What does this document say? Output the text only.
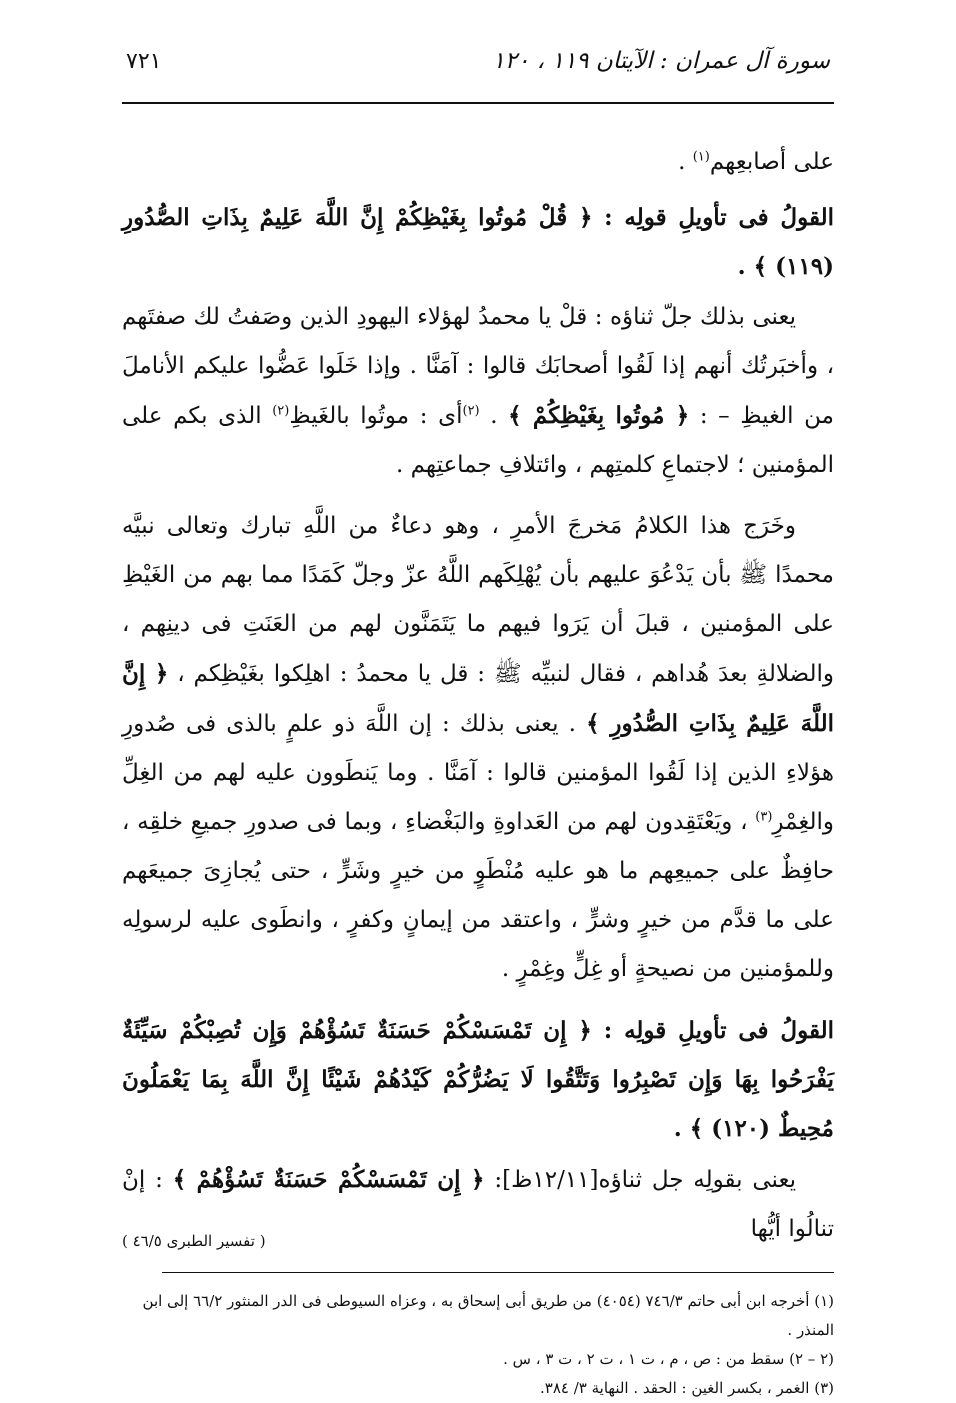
سورة آل عمران : الآيتان ١١٩ ، ١٢٠
٧٢١

على أصابعِهم$^{(١)}$ .

القولُ فى تأويلِ قولِه : ﴿ قُلْ مُوتُوا بِغَيْظِكُمْ إِنَّ اللَّهَ عَلِيمٌ بِذَاتِ الصُّدُورِ (١١٩) ﴾ .

يعنى بذلك جلّ ثناؤه : قلْ يا محمدُ لهؤلاء اليهودِ الذين وصَفتُ لك صفتَهم ، وأخبَرتُك أنهم إذا لَقُوا أصحابَك قالوا : آمَنَّا . وإذا خَلَوا عَضُّوا عليكم الأناملَ من الغيظِ – : ﴿ مُوتُوا بِغَيْظِكُمْ ﴾ . $^{(٢)}$أى : موتُوا بالغَيظِ$^{(٢)}$ الذى بكم على المؤمنين ؛ لاجتماعِ كلمتِهم ، وائتلافِ جماعتِهم .

وخَرَج هذا الكلامُ مَخرجَ الأمرِ ، وهو دعاءٌ من اللَّهِ تبارك وتعالى نبيَّه محمدًا ﷺ بأن يَدْعُوَ عليهم بأن يُهْلِكَهم اللَّهُ عزّ وجلّ كَمَدًا مما بهم من الغَيْظِ على المؤمنين ، قبلَ أن يَرَوا فيهم ما يَتَمَنَّون لهم من العَنَتِ فى دينِهم ، والضلالةِ بعدَ هُداهم ، فقال لنبيِّه ﷺ : قل يا محمدُ : اهلِكوا بغَيْظِكم ، ﴿ إِنَّ اللَّهَ عَلِيمٌ بِذَاتِ الصُّدُورِ ﴾ . يعنى بذلك : إن اللَّهَ ذو علمٍ بالذى فى صُدورِ هؤلاءِ الذين إذا لَقُوا المؤمنين قالوا : آمَنَّا . وما يَنطَوون عليه لهم من الغِلِّ والغِمْرِ$^{(٣)}$ ، ويَعْتَقِدون لهم من العَداوةِ والبَغْضاءِ ، وبما فى صدورِ جميعِ خلقِه ، حافِظٌ على جميعِهم ما هو عليه مُنْطَوٍ من خيرٍ وشَرٍّ ، حتى يُجازِىَ جميعَهم على ما قدَّم من خيرٍ وشرٍّ ، واعتقد من إيمانٍ وكفرٍ ، وانطَوى عليه لرسولِه وللمؤمنين من نصيحةٍ أو غِلٍّ وغِمْرٍ .

القولُ فى تأويلِ قولِه : ﴿ إِن تَمْسَسْكُمْ حَسَنَةٌ تَسُؤْهُمْ وَإِن تُصِبْكُمْ سَيِّئَةٌ يَفْرَحُوا بِهَا وَإِن تَصْبِرُوا وَتَتَّقُوا لَا يَضُرُّكُمْ كَيْدُهُمْ شَيْئًا إِنَّ اللَّهَ بِمَا يَعْمَلُونَ مُحِيطٌ (١٢٠) ﴾ .

يعنى بقولِه جل ثناؤه[١٢/١١ظ]: ﴿ إِن تَمْسَسْكُمْ حَسَنَةٌ تَسُؤْهُمْ ﴾ : إنْ تنالُوا أيُّها

(١) أخرجه ابن أبى حاتم ٧٤٦/٣ (٤٠٥٤) من طريق أبى إسحاق به ، وعزاه السيوطى فى الدر المنثور ٦٦/٢ إلى ابن المنذر .

(٢ – ٢) سقط من : ص ، م ، ت ١ ، ت ٢ ، ت ٣ ، س .

(٣) الغمر ، بكسر الغين : الحقد . النهاية ٣/ ٣٨٤.

( تفسير الطبرى ٤٦/٥ )
